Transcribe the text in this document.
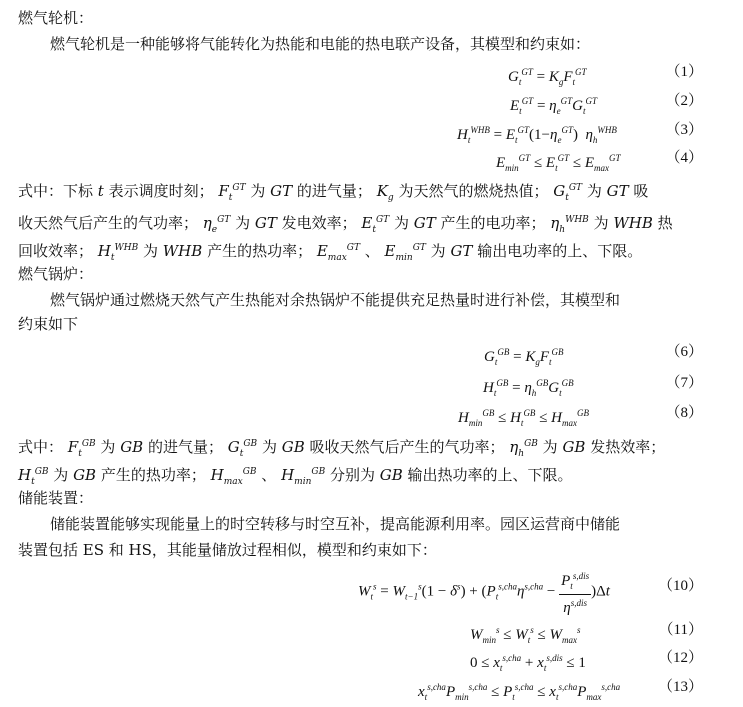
燃气轮机：
燃气轮机是一种能够将气能转化为热能和电能的热电联产设备，其模型和约束如：
$G_t^{GT} = K_gF_t^{GT}$	（1）
$E_t^{GT} = \eta_e^{GT}G_t^{GT}$	（2）
$H_t^{WHB} = E_t^{GT}(1-\eta_e^{GT})$  $\eta_h^{WHB}$	（3）
$E_{min}^{GT} \le E_t^{GT} \le E_{max}^{GT}$	（4）
式中：下标 t 表示调度时刻； $F_t^{GT}$ 为 GT 的进气量； $K_g$ 为天然气的燃烧热值； $G_t^{GT}$ 为 GT 吸
收天然气后产生的气功率； $\eta_e^{GT}$ 为 GT 发电效率； $E_t^{GT}$ 为 GT 产生的电功率； $\eta_h^{WHB}$ 为 WHB 热
回收效率； $H_t^{WHB}$ 为 WHB 产生的热功率； $E_{max}^{GT}$ 、 $E_{min}^{GT}$ 为 GT 输出电功率的上、下限。
燃气锅炉：
燃气锅炉通过燃烧天然气产生热能对余热锅炉不能提供充足热量时进行补偿，其模型和
约束如下
$G_t^{GB} = K_gF_t^{GB}$	（6）
$H_t^{GB} = \eta_h^{GB}G_t^{GB}$	（7）
$H_{min}^{GB} \le H_t^{GB} \le H_{max}^{GB}$	（8）
式中： $F_t^{GB}$ 为 GB 的进气量； $G_t^{GB}$ 为 GB 吸收天然气后产生的气功率； $\eta_h^{GB}$ 为 GB 发热效率；
$H_t^{GB}$ 为 GB 产生的热功率； $H_{max}^{GB}$ 、 $H_{min}^{GB}$ 分别为 GB 输出热功率的上、下限。
储能装置：
储能装置能够实现能量上的时空转移与时空互补，提高能源利用率。园区运营商中储能
装置包括 ES 和 HS，其能量储放过程相似，模型和约束如下：
$W_t^s = W_{t-1}^s(1 - \delta^s) + (P_t^{s,cha}\eta^{s,cha} - \frac{P_t^{s,dis}}{\eta^{s,dis}} )\Delta t$	（10）
$W_{min}^s \le W_t^s \le W_{max}^s$	（11）
$0 \le x_t^{s,cha} + x_t^{s,dis} \le 1$	（12）
$x_t^{s,cha}P_{min}^{s,cha} \le P_t^{s,cha} \le x_t^{s,cha}P_{max}^{s,cha}$	（13）
